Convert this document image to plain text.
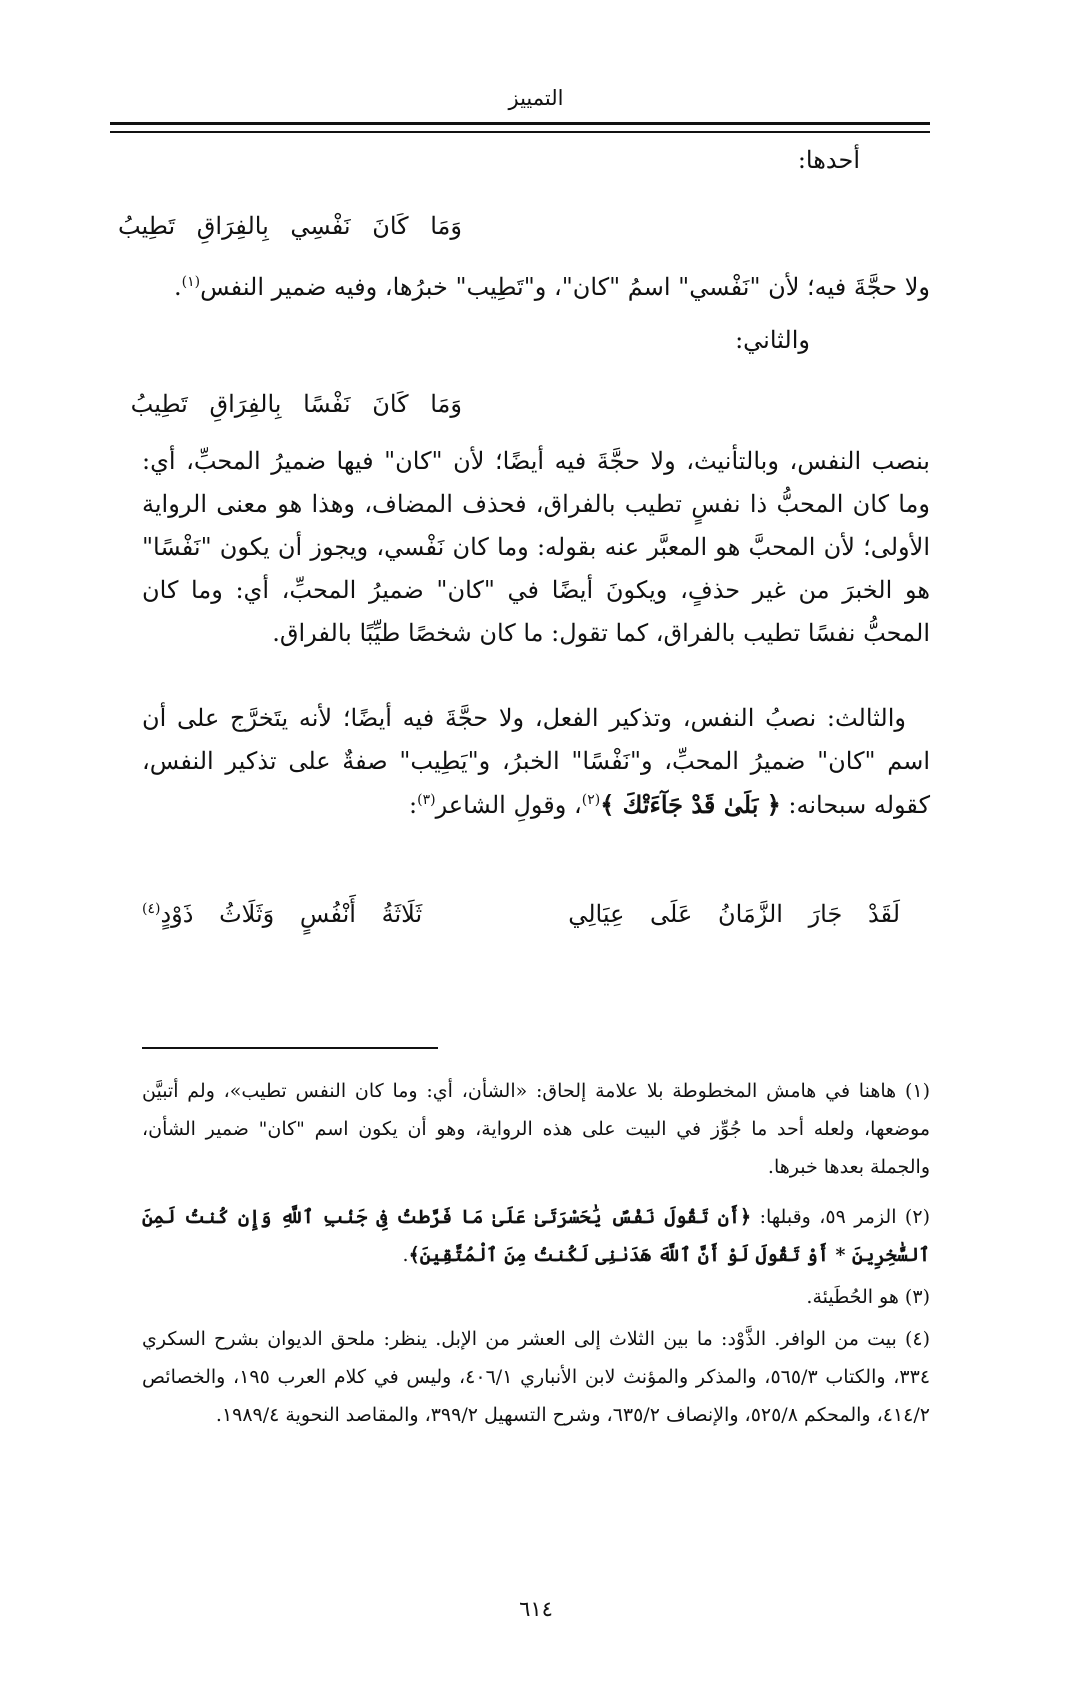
التمييز
أحدها:
وَمَا كَانَ نَفْسِي بِالفِرَاقِ تَطِيبُ

ولا حجَّةَ فيه؛ لأن "نَفْسي" اسمُ "كان"، و"تَطِيب" خبرُها، وفيه ضمير النفس$^{(١)}$.

والثاني:
وَمَا كَانَ نَفْسًا بِالفِرَاقِ تَطِيبُ

بنصب النفس، وبالتأنيث، ولا حجَّةَ فيه أيضًا؛ لأن "كان" فيها ضميرُ المحبِّ، أي: وما كان المحبُّ ذا نفسٍ تطيب بالفراق، فحذف المضاف، وهذا هو معنى الرواية الأولى؛ لأن المحبَّ هو المعبَّر عنه بقوله: وما كان نَفْسي، ويجوز أن يكون "نَفْسًا" هو الخبرَ من غير حذفٍ، ويكونَ أيضًا في "كان" ضميرُ المحبِّ، أي: وما كان المحبُّ نفسًا تطيب بالفراق، كما تقول: ما كان شخصًا طيِّبًا بالفراق.

والثالث: نصبُ النفس، وتذكير الفعل، ولا حجَّةَ فيه أيضًا؛ لأنه يتَخرَّج على أن اسم "كان" ضميرُ المحبِّ، و"نَفْسًا" الخبرُ، و"يَطِيب" صفةٌ على تذكير النفس، كقوله سبحانه: ﴿ بَلَىٰ قَدْ جَآءَتْكَ ﴾$^{(٢)}$، وقولِ الشاعر$^{(٣)}$:

لَقَدْ جَارَ الزَّمَانُ عَلَى عِيَالِي
ثَلَاثَةُ أَنْفُسٍ وَثَلَاثُ ذَوْدٍ$^{(٤)}$

(١) هاهنا في هامش المخطوطة بلا علامة إلحاق: «الشأن، أي: وما كان النفس تطيب»، ولم أتبيَّن موضعها، ولعله أحد ما جُوِّز في البيت على هذه الرواية، وهو أن يكون اسم "كان" ضمير الشأن، والجملة بعدها خبرها.

(٢) الزمر ٥٩، وقبلها: ﴿أَن تَقُولَ نَفْسٌ يَٰحَسْرَتَىٰ عَلَىٰ مَا فَرَّطتُ فِى جَنۢبِ ٱللَّهِ وَإِن كُنتُ لَمِنَ ٱلسَّٰخِرِينَ * أَوْ تَقُولَ لَوْ أَنَّ ٱللَّهَ هَدَىٰنِى لَكُنتُ مِنَ ٱلْمُتَّقِينَ﴾.

(٣) هو الحُطَيئة.

(٤) بيت من الوافر. الذَّوْد: ما بين الثلاث إلى العشر من الإبل. ينظر: ملحق الديوان بشرح السكري ٣٣٤، والكتاب ٥٦٥/٣، والمذكر والمؤنث لابن الأنباري ٤٠٦/١، وليس في كلام العرب ١٩٥، والخصائص ٤١٤/٢، والمحكم ٥٢٥/٨، والإنصاف ٦٣٥/٢، وشرح التسهيل ٣٩٩/٢، والمقاصد النحوية ١٩٨٩/٤.

٦١٤
